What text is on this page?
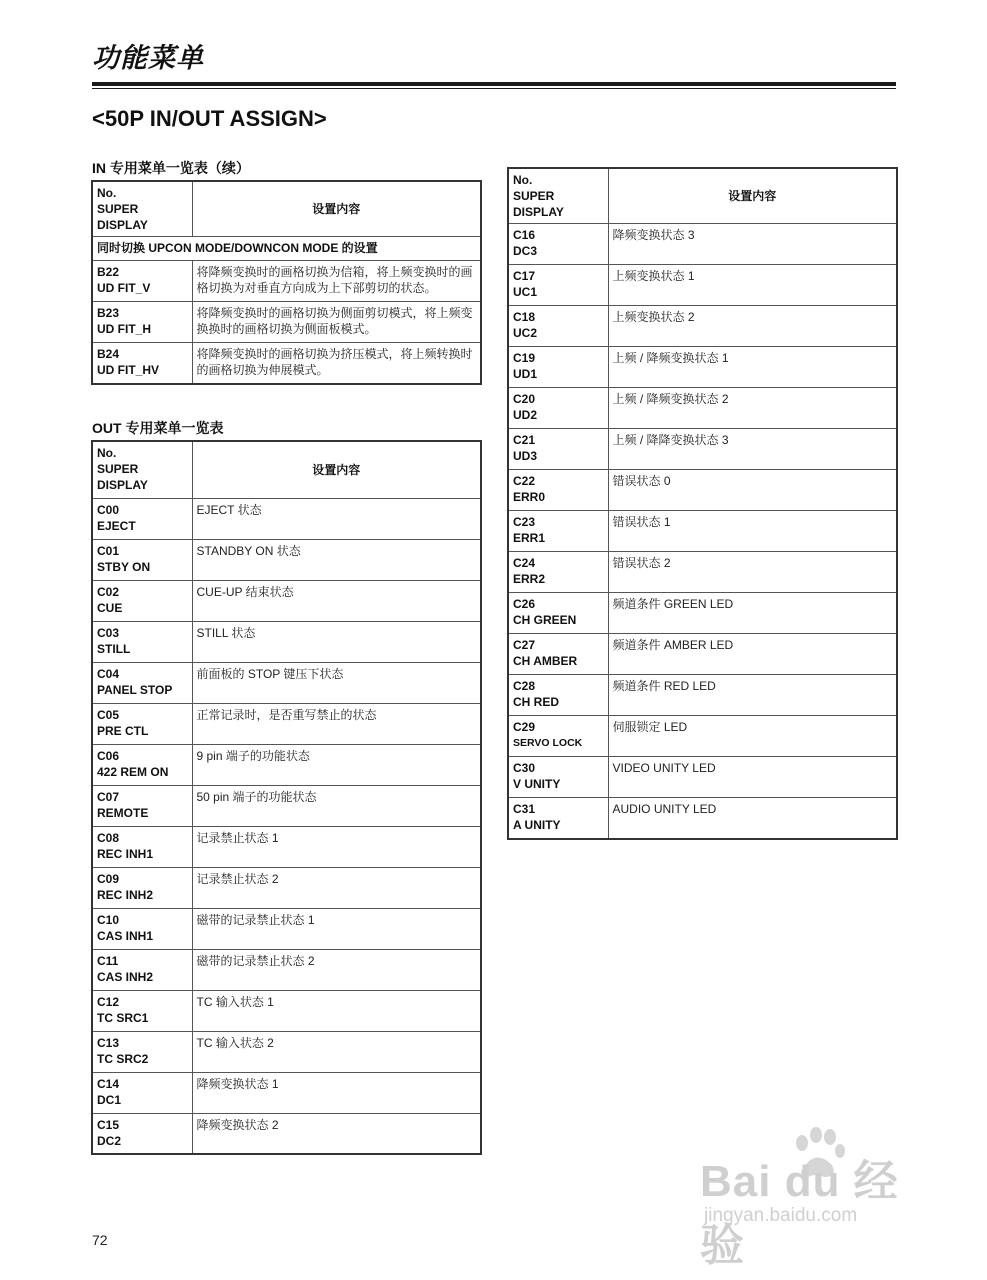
功能菜单
<50P IN/OUT ASSIGN>
IN 专用菜单一览表（续）
No.
SUPER
DISPLAY	设置内容
同时切换 UPCON MODE/DOWNCON MODE 的设置	

B22
UD FIT_V	将降频变换时的画格切换为信箱，将上频变换时的画格切换为对垂直方向成为上下部剪切的状态。

B23
UD FIT_H	将降频变换时的画格切换为侧面剪切模式，将上频变换换时的画格切换为侧面板模式。

B24
UD FIT_HV	将降频变换时的画格切换为挤压模式，将上频转换时的画格切换为伸展模式。
OUT 专用菜单一览表
No.
SUPER
DISPLAY	设置内容

C00
EJECT	EJECT 状态

C01
STBY ON	STANDBY ON 状态

C02
CUE	CUE-UP 结束状态

C03
STILL	STILL 状态

C04
PANEL STOP	前面板的 STOP 键压下状态

C05
PRE CTL	正常记录时，是否重写禁止的状态

C06
422 REM ON	9 pin 端子的功能状态

C07
REMOTE	50 pin 端子的功能状态

C08
REC INH1	记录禁止状态 1

C09
REC INH2	记录禁止状态 2

C10
CAS INH1	磁带的记录禁止状态 1

C11
CAS INH2	磁带的记录禁止状态 2

C12
TC SRC1	TC 输入状态 1

C13
TC SRC2	TC 输入状态 2

C14
DC1	降频变换状态 1

C15
DC2	降频变换状态 2
No.
SUPER
DISPLAY	设置内容

C16
DC3	降频变换状态 3

C17
UC1	上频变换状态 1

C18
UC2	上频变换状态 2

C19
UD1	上频 / 降频变换状态 1

C20
UD2	上频 / 降频变换状态 2

C21
UD3	上频 / 降降变换状态 3

C22
ERR0	错误状态 0

C23
ERR1	错误状态 1

C24
ERR2	错误状态 2

C26
CH GREEN	频道条件 GREEN LED

C27
CH AMBER	频道条件 AMBER LED

C28
CH RED	频道条件 RED LED

C29
SERVO LOCK	伺服锁定 LED

C30
V UNITY	VIDEO UNITY LED

C31
A UNITY	AUDIO UNITY LED
72
Bai du 经验
jingyan.baidu.com
